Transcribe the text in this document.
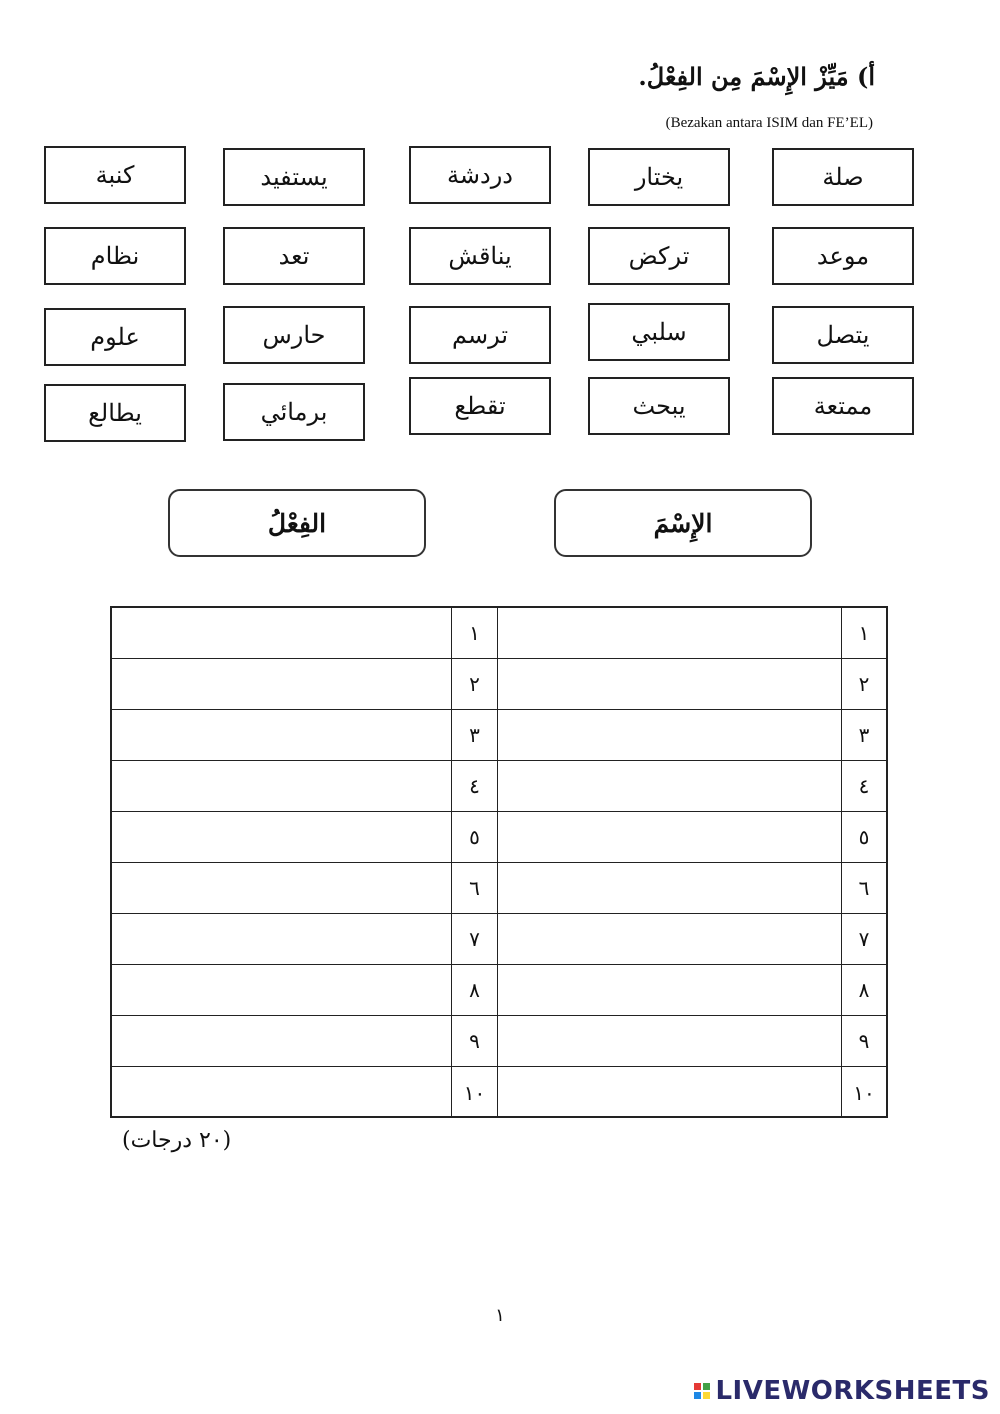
أ) مَيِّزْ الإِسْمَ مِن الفِعْلُ.
(Bezakan antara ISIM dan FE’EL)
الفِعْلُ	الإِسْمَ
١	١
٢	٢
٣	٣
٤	٤
٥	٥
٦	٦
٧	٧
٨	٨
٩	٩
١٠	١٠
(٢٠ درجات)
١
LIVEWORKSHEETS
كنبة	يستفيد	دردشة	يختار	صلة
نظام	تعد	يناقش	تركض	موعد
علوم	حارس	ترسم	سلبي	يتصل
يطالع	برمائي	تقطع	يبحث	ممتعة
